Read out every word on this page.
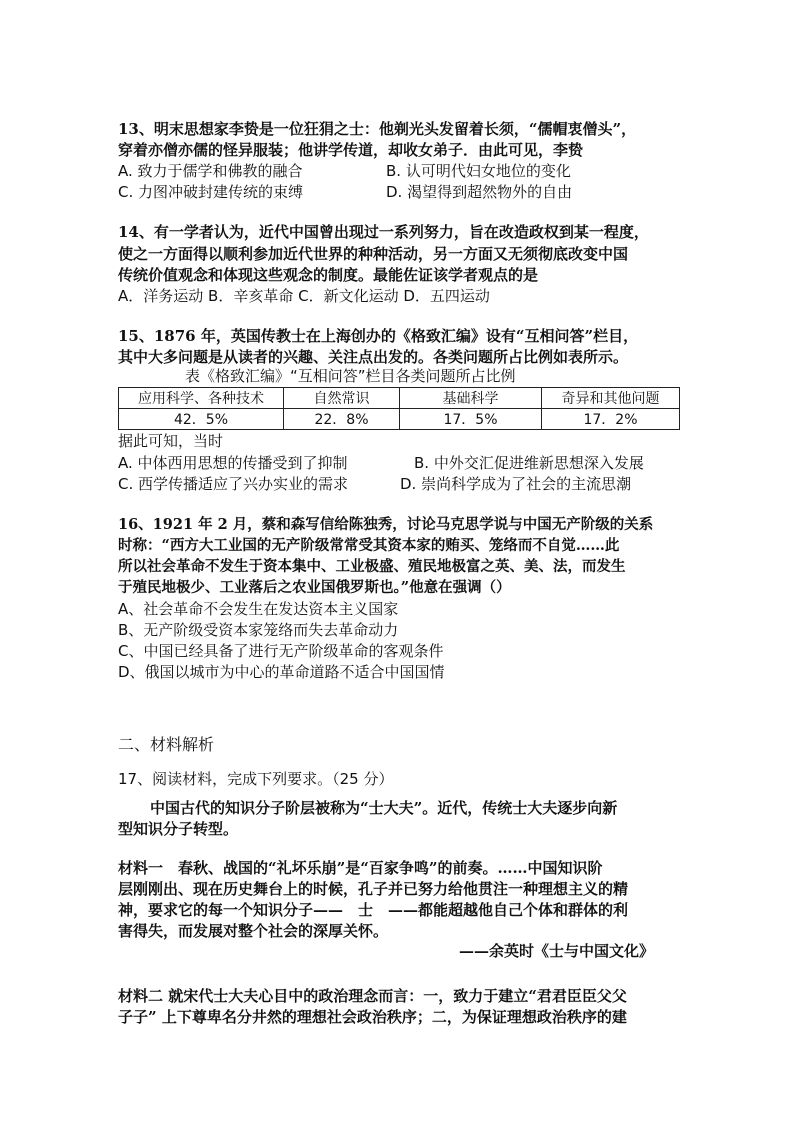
13、明末思想家李贽是一位狂狷之士：他剃光头发留着长须，“儒帽衷僧头”，
穿着亦僧亦儒的怪异服装；他讲学传道，却收女弟子．由此可见，李贽
A. 致力于儒学和佛教的融合	B. 认可明代妇女地位的变化
C. 力图冲破封建传统的束缚	D. 渴望得到超然物外的自由
14、有一学者认为，近代中国曾出现过一系列努力，旨在改造政权到某一程度，
使之一方面得以顺利参加近代世界的种种活动，另一方面又无须彻底改变中国
传统价值观念和体现这些观念的制度。最能佐证该学者观点的是
A．洋务运动 B．辛亥革命 C．新文化运动 D．五四运动
15、1876 年，英国传教士在上海创办的《格致汇编》设有“互相问答”栏目，
其中大多问题是从读者的兴趣、关注点出发的。各类问题所占比例如表所示。
表《格致汇编》“互相问答”栏目各类问题所占比例
应用科学、各种技术	自然常识	基础科学	奇异和其他问题
42．5%	22．8%	17．5%	17．2%
据此可知，当时
A. 中体西用思想的传播受到了抑制	B. 中外交汇促进维新思想深入发展
C. 西学传播适应了兴办实业的需求	D. 崇尚科学成为了社会的主流思潮
16、1921 年 2 月，蔡和森写信给陈独秀，讨论马克思学说与中国无产阶级的关系
时称：“西方大工业国的无产阶级常常受其资本家的贿买、笼络而不自觉……此
所以社会革命不发生于资本集中、工业极盛、殖民地极富之英、美、法，而发生
于殖民地极少、工业落后之农业国俄罗斯也。”他意在强调（）
A、社会革命不会发生在发达资本主义国家
B、无产阶级受资本家笼络而失去革命动力
C、中国已经具备了进行无产阶级革命的客观条件
D、俄国以城市为中心的革命道路不适合中国国情
二、材料解析
17、阅读材料，完成下列要求。（25 分）
中国古代的知识分子阶层被称为“士大夫”。近代，传统士大夫逐步向新
型知识分子转型。
材料一　春秋、战国的“礼坏乐崩”是“百家争鸣”的前奏。……中国知识阶
层刚刚出、现在历史舞台上的时候，孔子并已努力给他贯注一种理想主义的精
神，要求它的每一个知识分子——　士　——都能超越他自己个体和群体的利
害得失，而发展对整个社会的深厚关怀。
——余英时《士与中国文化》
材料二 就宋代士大夫心目中的政治理念而言：一，致力于建立“君君臣臣父父
子子” 上下尊卑名分井然的理想社会政治秩序；二，为保证理想政治秩序的建
